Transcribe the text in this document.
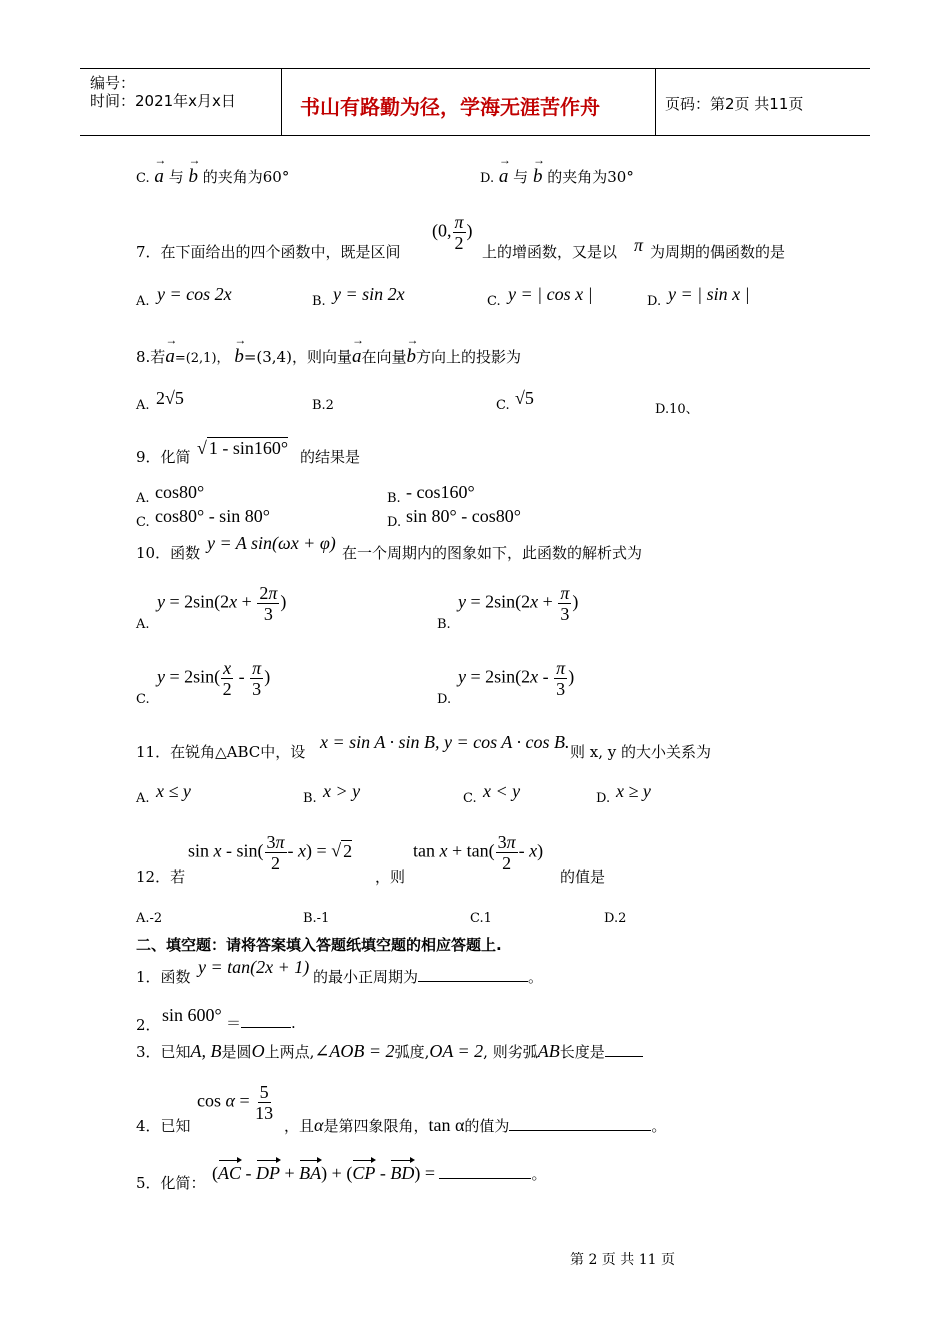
编号：
时间：2021年x月x日	书山有路勤为径，学海无涯苦作舟	页码：第2页 共11页
C. → a 与 → b 的夹角为60°	D. → a 与 → b 的夹角为30°
7．在下面给出的四个函数中，既是区间
(0, $\frac{\pi}{2}$ )
上的增函数，又是以 π 为周期的偶函数的是
A. y = cos 2x	B. y = sin 2x	C. y = | cos x |	D. y = | sin x |
8.若→ a=(2,1)， → b=(3,4)，则向量→ a在向量→ b方向上的投影为
A. 2√5	B.2	C. √5
D.10、
9．化简 √ 1 - sin160° 的结果是
A. cos80°	B. - cos160°
C. cos80° - sin 80°	D. sin 80° - cos80°
10．函数 y = A sin(ωx + φ) 在一个周期内的图象如下，此函数的解析式为
A.
$y = 2\sin(2x + \frac{2\pi}{3}$ )
B.
$y = 2\sin(2x + \frac{\pi}{3}$ )
C.
$y = 2\sin( \frac{x}{2} - \frac{\pi}{3}$ )
D.
$y = 2\sin(2x - \frac{\pi}{3}$ )
11．在锐角△ABC中，设 x = sin A · sin B, y = cos A · cos B. 则 x, y 的大小关系为
A. x ≤ y	B. x > y	C. x < y	D. x ≥ y
12．若
sin x - $\sin( \frac{3\pi}{2} - x)$ = √ 2
，则
$\tan x + \tan( \frac{3\pi}{2} - x)$
的值是
A.-2	B.-1	C.1	D.2
二、填空题：请将答案填入答题纸填空题的相应答题上.
1．函数 y = tan(2x + 1) 的最小正周期为	。
2． sin 600° ＝	.
3．已知A, B是圆O上两点,∠AOB = 2弧度,OA = 2, 则劣弧AB长度是
4．已知
$\cos \alpha = \frac{5}{13}$
，且α是第四象限角，tan α的值为	。
5．化简： (AC - DP + BA) + (CP - BD) =	。
第 2 页 共 11 页
